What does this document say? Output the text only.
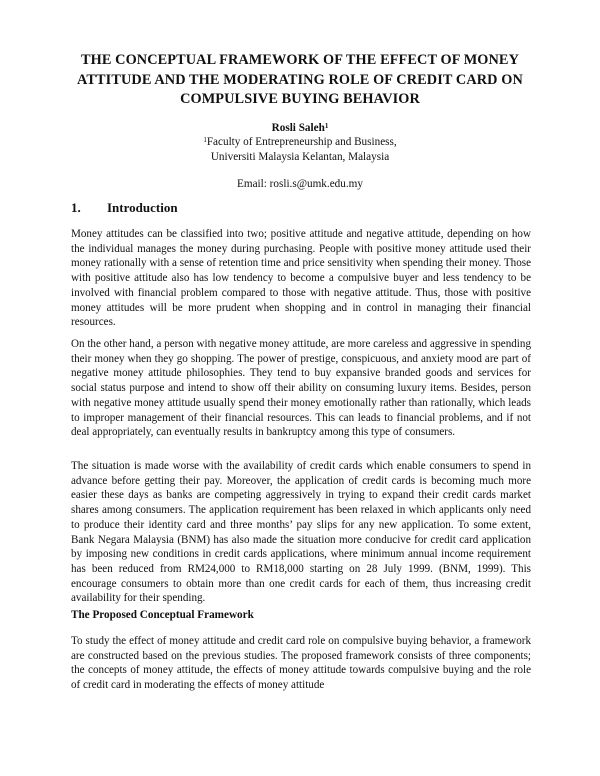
THE CONCEPTUAL FRAMEWORK OF THE EFFECT OF MONEY ATTITUDE AND THE MODERATING ROLE OF CREDIT CARD ON COMPULSIVE BUYING BEHAVIOR
Rosli Saleh$^1$
$^1$Faculty of Entrepreneurship and Business,
Universiti Malaysia Kelantan, Malaysia
Email: rosli.s@umk.edu.my
1. Introduction

Money attitudes can be classified into two; positive attitude and negative attitude, depending on how the individual manages the money during purchasing. People with positive money attitude used their money rationally with a sense of retention time and price sensitivity when spending their money. Those with positive attitude also has low tendency to become a compulsive buyer and less tendency to be involved with financial problem compared to those with negative attitude. Thus, those with positive money attitudes will be more prudent when shopping and in control in managing their financial resources.

On the other hand, a person with negative money attitude, are more careless and aggressive in spending their money when they go shopping. The power of prestige, conspicuous, and anxiety mood are part of negative money attitude philosophies. They tend to buy expansive branded goods and services for social status purpose and intend to show off their ability on consuming luxury items. Besides, person with negative money attitude usually spend their money emotionally rather than rationally, which leads to improper management of their financial resources. This can leads to financial problems, and if not deal appropriately, can eventually results in bankruptcy among this type of consumers.

The situation is made worse with the availability of credit cards which enable consumers to spend in advance before getting their pay. Moreover, the application of credit cards is becoming much more easier these days as banks are competing aggressively in trying to expand their credit cards market shares among consumers. The application requirement has been relaxed in which applicants only need to produce their identity card and three months’ pay slips for any new application. To some extent, Bank Negara Malaysia (BNM) has also made the situation more conducive for credit card application by imposing new conditions in credit cards applications, where minimum annual income requirement has been reduced from RM24,000 to RM18,000 starting on 28 July 1999. (BNM, 1999). This encourage consumers to obtain more than one credit cards for each of them, thus increasing credit availability for their spending.

The Proposed Conceptual Framework

To study the effect of money attitude and credit card role on compulsive buying behavior, a framework are constructed based on the previous studies. The proposed framework consists of three components; the concepts of money attitude, the effects of money attitude towards compulsive buying and the role of credit card in moderating the effects of money attitude
